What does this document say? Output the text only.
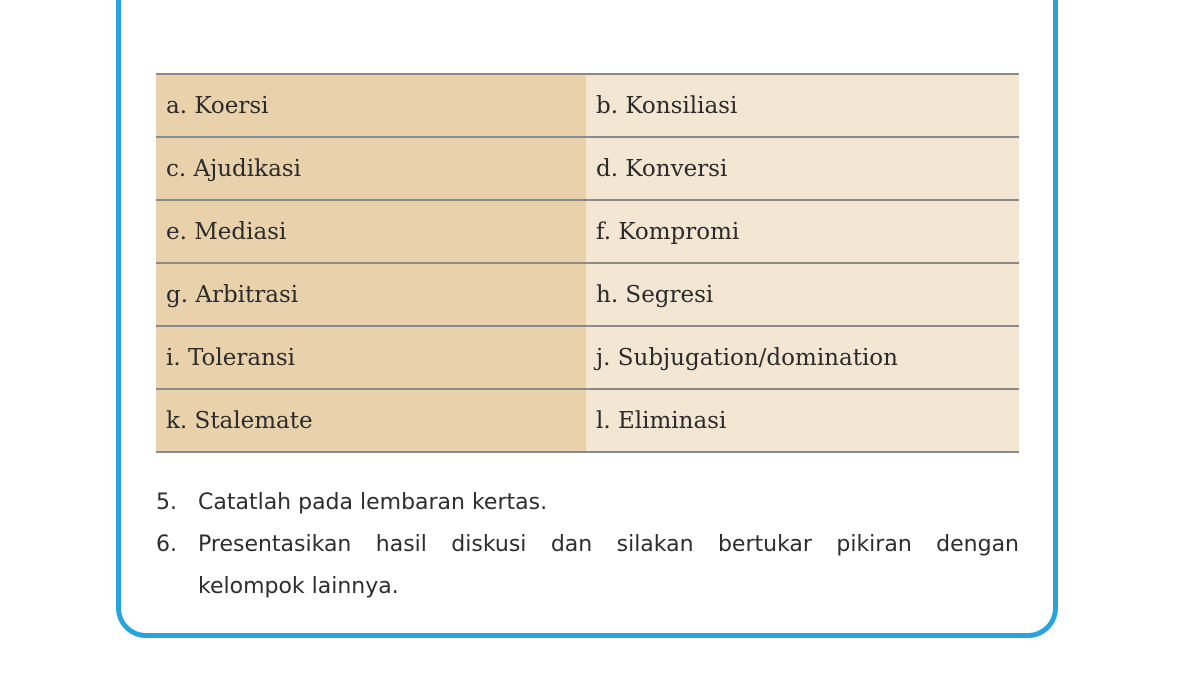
a. Koersi	b. Konsiliasi
c. Ajudikasi	d. Konversi
e. Mediasi	f. Kompromi
g. Arbitrasi	h. Segresi
i. Toleransi	j. Subjugation/domination
k. Stalemate	l. Eliminasi
5. Catatlah pada lembaran kertas.
6. Presentasikan hasil diskusi dan silakan bertukar pikiran dengan
kelompok lainnya.
